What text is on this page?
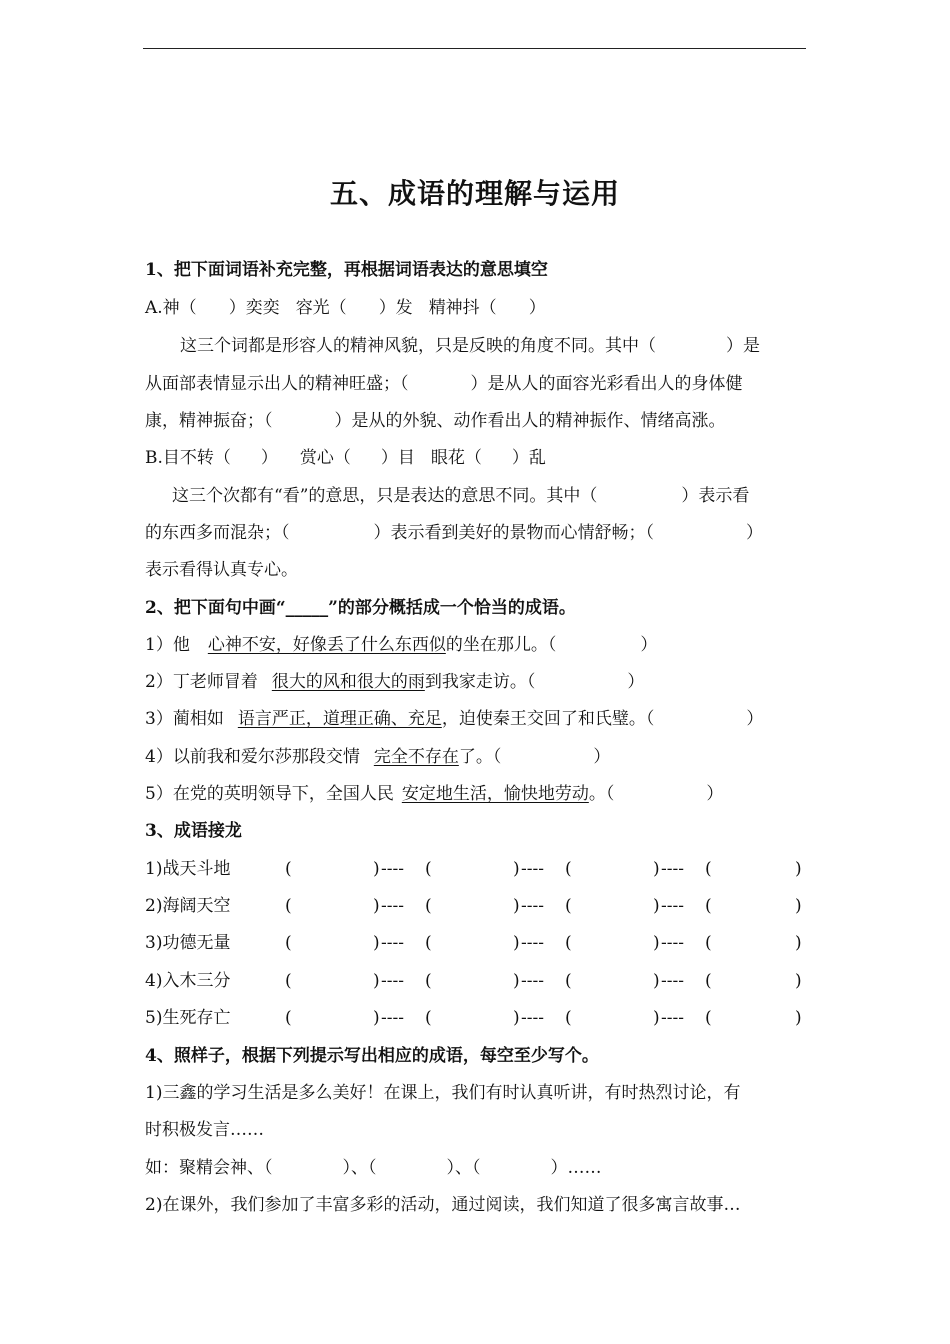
五、成语的理解与运用
1、把下面词语补充完整，再根据词语表达的意思填空
A.神（ ）奕奕 容光（ ）发 精神抖（ ）
这三个词都是形容人的精神风貌，只是反映的角度不同。其中（	）是
从面部表情显示出人的精神旺盛；（	）是从人的面容光彩看出人的身体健
康，精神振奋；（	）是从的外貌、动作看出人的精神振作、情绪高涨。
B.目不转（ ） 赏心（ ）目 眼花（ ）乱
这三个次都有“看”的意思，只是表达的意思不同。其中（	）表示看
的东西多而混杂；（	）表示看到美好的景物而心情舒畅；（	）
表示看得认真专心。
2、把下面句中画“_____”的部分概括成一个恰当的成语。
1）他 心神不安，好像丢了什么东西似的坐在那儿。（	）
2）丁老师冒着 很大的风和很大的雨到我家走访。（	）
3）蔺相如 语言严正，道理正确、充足，迫使秦王交回了和氏璧。（	）
4）以前我和爱尔莎那段交情 完全不存在了。（	）
5）在党的英明领导下，全国人民 安定地生活，愉快地劳动。（	）
3、成语接龙
1)战天斗地	(	) ---- (	) ---- (	) ---- (	)
2)海阔天空	(	) ---- (	) ---- (	) ---- (	)
3)功德无量	(	) ---- (	) ---- (	) ---- (	)
4)入木三分	(	) ---- (	) ---- (	) ---- (	)
5)生死存亡	(	) ---- (	) ---- (	) ---- (	)
4、照样子，根据下列提示写出相应的成语，每空至少写个。
1)三鑫的学习生活是多么美好！在课上，我们有时认真听讲，有时热烈讨论，有
时积极发言……
如：聚精会神、（	）、（	）、（	）……
2)在课外，我们参加了丰富多彩的活动，通过阅读，我们知道了很多寓言故事…
